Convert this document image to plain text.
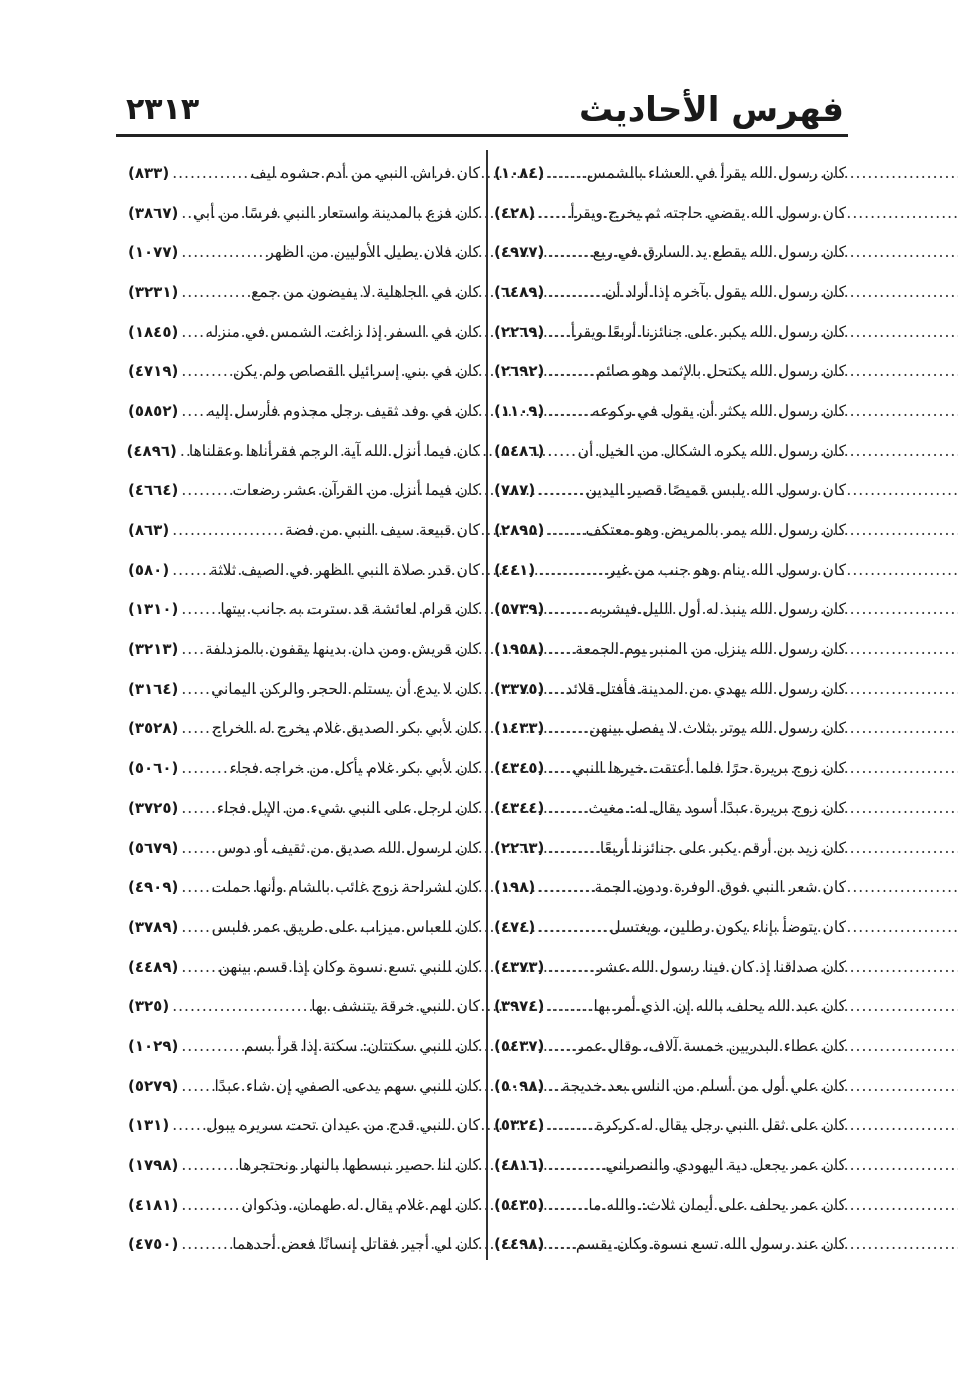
فهرس الأحاديث
٢٣١٣
كان رسول الله يقرأ في العشاء بالشمس
.....
(١٠٨٤)
كان رسول الله يقضي حاجته ثم يخرج ويقرأ
.....
(٤٢٨)
كان رسول الله يقطع يد السارق في ربع
.....
(٤٩٧٧)
كان رسول الله يقول بآخره إذا أراد أن
.....
(٦٤٨٩)
كان رسول الله يكبر على جنائزنا أربعًا ويقرأ
.....
(٢٢٦٩)
كان رسول الله يكتحل بالإثمد وهو صائم
.....
(٢٦٩٢)
كان رسول الله يكثر أن يقول في ركوعه
.....
(١١٠٩)
كان رسول الله يكره الشكال من الخيل أن
.....
(٥٤٨٦)
كان رسول الله يلبس قميصًا قصير اليدين
.....
(٧٨٧)
كان رسول الله يمر بالمريض وهو معتكف
.....
(٢٨٩٥)
كان رسول الله ينام وهو جنب من غير
.....
(٤٤١)
كان رسول الله ينبذ له أول الليل فيشربه
.....
(٥٧٣٩)
كان رسول الله ينزل من المنبر يوم الجمعة
.....
(١٩٥٨)
كان رسول الله يهدي من المدينة فأفتل قلائد
.....
(٣٣٧٥)
كان رسول الله يوتر بثلاث لا يفصل بينهن
.....
(١٤٣٣)
كان زوج بريرة حرًا فلما أعتقت خيرها النبي
.....
(٤٣٤٥)
كان زوج بريرة عبدًا أسود يقال له: مغيث
.....
(٤٣٤٤)
كان زيد بن أرقم يكبر على جنائزنا أربعًا
.....
(٢٢٦٣)
كان شعر النبي فوق الوفرة ودون الجمة
.....
(١٩٨)
كان يتوضأ بإناء يكون رطلين، ويغتسل
.....
(٤٧٤)
كان صداقنا إذ كان فينا رسول الله عشر
.....
(٤٣٧٣)
كان عبد الله يحلف بالله إن الذي أمر بها
.....
(٣٩٧٤)
كان عطاء البدريين خمسة آلاف، وقال عمر
.....
(٥٤٣٧)
كان علي أول من أسلم من الناس بعد خديجة
.....
(٥٠٩٨)
كان على ثقل النبي رجل يقال له كركرة
.....
(٥٣٢٤)
كان عمر يجعل دية اليهودي والنصراني
.....
(٤٨١٦)
كان عمر يحلف على أيمان ثلاث: والله ما
.....
(٥٤٣٥)
كان عند رسول الله تسع نسوة وكان يقسم
.....
(٤٤٩٨)
كان فراش النبي من أدم حشوه ليف
.....
(٨٣٣)
كان فزع بالمدينة واستعار النبي فرسًا من أبي
.....
(٣٨٦٧)
كان فلان يطيل الأوليين من الظهر
.....
(١٠٧٧)
كان في الجاهلية لا يفيضون من جمع
.....
(٣٢٣١)
كان في السفر إذا زاغت الشمس في منزله
.....
(١٨٤٥)
كان في بني إسرائيل القصاص ولم يكن
.....
(٤٧١٩)
كان في وفد ثقيف رجل مجذوم فأرسل إليه
.....
(٥٨٥٢)
كان فيما أنزل الله آية الرجم فقرأناها وعقلناها
.....
(٤٨٩٦)
كان فيما أنزل من القرآن عشر رضعات
.....
(٤٦٦٤)
كان قبيعة سيف النبي من فضة
.....
(٨٦٣)
كان قدر صلاة النبي الظهر في الصيف ثلاثة
.....
(٥٨٠)
كان قرام لعائشة قد سترت به جانب بيتها
.....
(١٣١٠)
كان قريش ومن دان بدينها يقفون بالمزدلفة
.....
(٣٢١٣)
كان لا يدع أن يستلم الحجر والركن اليماني
.....
(٣١٦٤)
كان لأبي بكر الصديق غلام يخرج له الخراج
.....
(٣٥٢٨)
كان لأبي بكر غلام يأكل من خراجه فجاء
.....
(٥٠٦٠)
كان لرجل على النبي شيء من الإبل فجاء
.....
(٣٧٢٥)
كان لرسول الله صديق من ثقيف أو دوس
.....
(٥٦٧٩)
كان لشراحة زوج غائب بالشام وأنها حملت
.....
(٤٩٠٩)
كان للعباس ميزاب على طريق عمر فلبس
.....
(٣٧٨٩)
كان للنبي تسع نسوة وكان إذا قسم بينهن
.....
(٤٤٨٩)
كان للنبي خرقة يتنشف بها
.....
(٣٢٥)
كان للنبي سكتتان: سكتة إذا قرأ بسم
.....
(١٠٢٩)
كان للنبي سهم يدعى الصفي إن شاء عبدًا
.....
(٥٢٧٩)
كان للنبي قدح من عيدان تحت سريره يبول
.....
(١٣١)
كان لنا حصير نبسطها بالنهار ونحتجرها
.....
(١٧٩٨)
كان لهم غلام يقال له طهمان، وذكوان
.....
(٤١٨١)
كان لي أجير فقاتل إنسانًا فعض أحدهما
.....
(٤٧٥٠)
